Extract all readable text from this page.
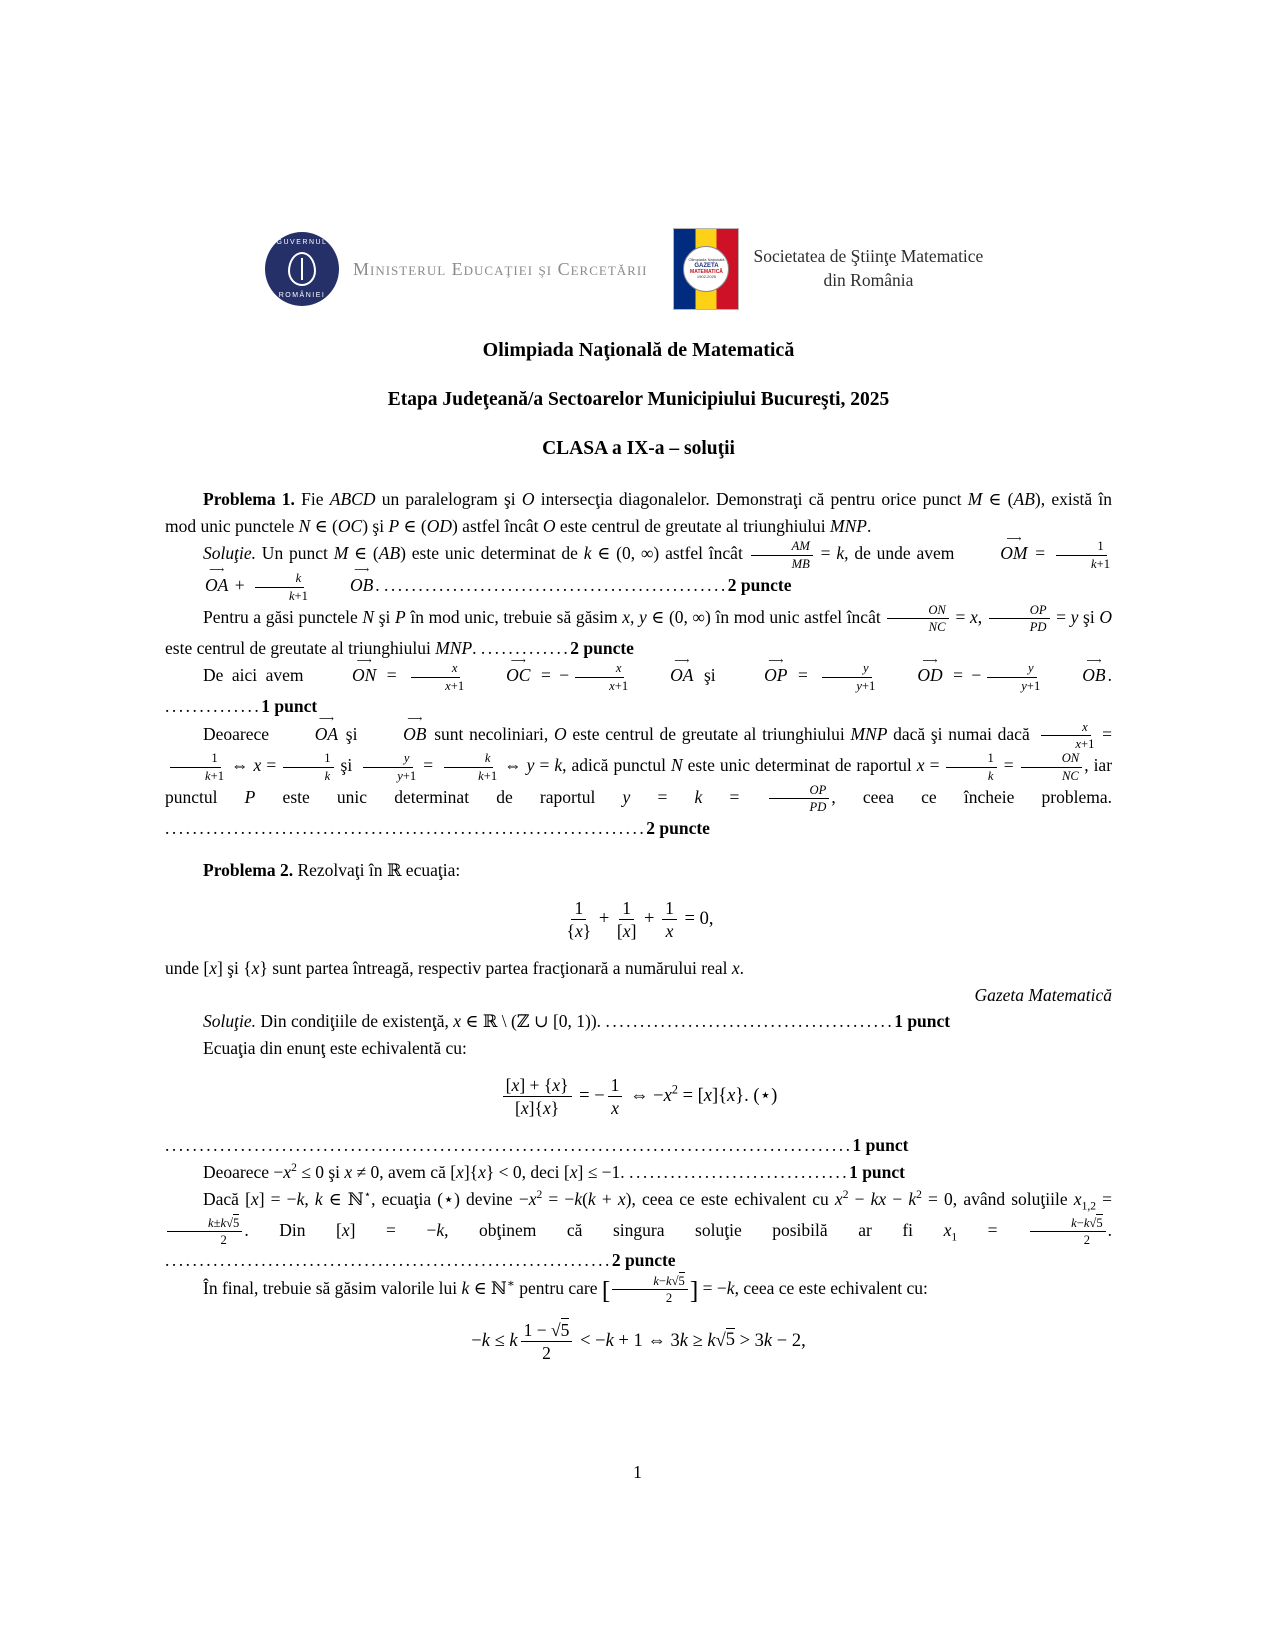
GUVERNUL
ROMÂNIEI
Ministerul Educaţiei şi Cercetării	Olimpiada Naţională
GAZETA
MATEMATICĂ
1902-2025
Societatea de Ştiinţe Matematice
din România
Olimpiada Naţională de Matematică
Etapa Judeţeană/a Sectoarelor Municipiului Bucureşti, 2025
CLASA a IX-a – soluţii

Problema 1. Fie ABCD un paralelogram şi O intersecţia diagonalelor. Demonstraţi că pentru orice punct M ∈ (AB), există în mod unic punctele N ∈ (OC) şi P ∈ (OD) astfel încât O este centrul de greutate al triunghiului MNP.

Soluţie. Un punct M ∈ (AB) este unic determinat de k ∈ (0, ∞) astfel încât $\frac{AM}{MB} = k$, de unde avem ⟶ OM = $\frac{1}{k+1}$
⟶ OA + $\frac{k}{k+1}$ ⟶ OB . ..................................................2 puncte

Pentru a găsi punctele N şi P în mod unic, trebuie să găsim x, y ∈ (0, ∞) în mod unic astfel încât $\frac{ON}{NC} = x$, $\frac{OP}{PD} = y$ şi O este centrul de greutate al triunghiului MNP. .............2 puncte

De aici avem ⟶ ON = $\frac{x}{x+1}$ ⟶ OC = − $\frac{x}{x+1}$ ⟶ OA şi ⟶ OP = $\frac{y}{y+1}$ ⟶ OD = − $\frac{y}{y+1}$ ⟶ OB . ..............1 punct

Deoarece ⟶ OA şi ⟶ OB sunt necoliniari, O este centrul de greutate al triunghiului MNP dacă şi numai dacă $\frac{x}{x+1}$ =
$\frac{1}{k+1}$ ⇔ $x = \frac{1}{k}$ şi $\frac{y}{y+1} = \frac{k}{k+1}$ ⇔ y = k, adică punctul N este unic determinat de raportul $x = \frac{1}{k} = \frac{ON}{NC}$ , iar punctul P este unic determinat de raportul $y = k = \frac{OP}{PD}$ , ceea ce încheie problema. ......................................................................2 puncte

Problema 2. Rezolvaţi în ℝ ecuaţia:

$\frac{1}{\{x\}} + \frac{1}{[x]} + \frac{1}{x} = 0$,

unde [x] şi {x} sunt partea întreagă, respectiv partea fracţionară a numărului real x.

Gazeta Matematică

Soluţie. Din condiţiile de existenţă, x ∈ ℝ \ (ℤ ∪ [0, 1)). ..........................................1 punct

Ecuaţia din enunţ este echivalentă cu:

$\frac{[x] + \{x\}}{[x]\{x\}}$ = − $\frac{1}{x}$ ⇔ $-x^2 = [x]\{x\}$. (⋆)

....................................................................................................1 punct

Deoarece $-x^2 \le 0$ şi x ≠ 0, avem că [x]{x} < 0, deci [x] ≤ −1. ................................1 punct

Dacă [x] = −k, k ∈ ℕ⋆, ecuaţia (⋆) devine $-x^2 = -k(k + x)$, ceea ce este echivalent cu $x^2$ − kx − $k^2 = 0$, având soluţiile $x_{1,2}$ =
$\frac{k\pm k√5}{2}$ . Din [x] = −k, obţinem că singura soluţie posibilă ar fi $x_1 = \frac{k-k√5}{2}$ . .................................................................2 puncte

În final, trebuie să găsim valorile lui k ∈ ℕ∗ pentru care [ $\frac{k-k√5}{2}$ ] = −k, ceea ce este echivalent cu:

−k ≤ k $\frac{1 - √5}{2} < -k + 1$ ⇔ 3k ≥ k√5 > 3k − 2,

1
